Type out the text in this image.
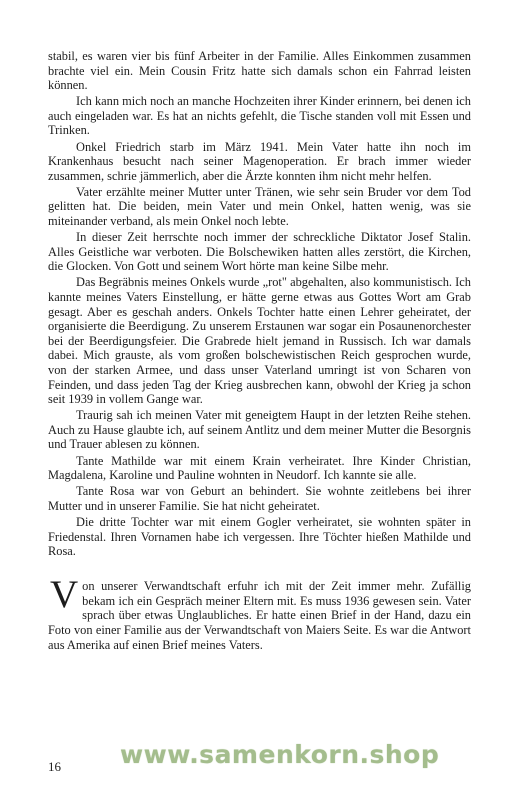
stabil, es waren vier bis fünf Arbeiter in der Familie. Alles Einkommen zusammen brachte viel ein. Mein Cousin Fritz hatte sich damals schon ein Fahrrad leisten können.

Ich kann mich noch an manche Hochzeiten ihrer Kinder erinnern, bei denen ich auch eingeladen war. Es hat an nichts gefehlt, die Tische standen voll mit Essen und Trinken.

Onkel Friedrich starb im März 1941. Mein Vater hatte ihn noch im Krankenhaus besucht nach seiner Magenoperation. Er brach immer wieder zusammen, schrie jämmerlich, aber die Ärzte konnten ihm nicht mehr helfen.

Vater erzählte meiner Mutter unter Tränen, wie sehr sein Bruder vor dem Tod gelitten hat. Die beiden, mein Vater und mein Onkel, hatten wenig, was sie miteinander verband, als mein Onkel noch lebte.

In dieser Zeit herrschte noch immer der schreckliche Diktator Josef Stalin. Alles Geistliche war verboten. Die Bolschewiken hatten alles zerstört, die Kirchen, die Glocken. Von Gott und seinem Wort hörte man keine Silbe mehr.

Das Begräbnis meines Onkels wurde „rot" abgehalten, also kommunistisch. Ich kannte meines Vaters Einstellung, er hätte gerne etwas aus Gottes Wort am Grab gesagt. Aber es geschah anders. Onkels Tochter hatte einen Lehrer geheiratet, der organisierte die Beerdigung. Zu unserem Erstaunen war sogar ein Posaunenorchester bei der Beerdigungsfeier. Die Grabrede hielt jemand in Russisch. Ich war damals dabei. Mich grauste, als vom großen bolschewistischen Reich gesprochen wurde, von der starken Armee, und dass unser Vaterland umringt ist von Scharen von Feinden, und dass jeden Tag der Krieg ausbrechen kann, obwohl der Krieg ja schon seit 1939 in vollem Gange war.

Traurig sah ich meinen Vater mit geneigtem Haupt in der letzten Reihe stehen. Auch zu Hause glaubte ich, auf seinem Antlitz und dem meiner Mutter die Besorgnis und Trauer ablesen zu können.

Tante Mathilde war mit einem Krain verheiratet. Ihre Kinder Christian, Magdalena, Karoline und Pauline wohnten in Neudorf. Ich kannte sie alle.

Tante Rosa war von Geburt an behindert. Sie wohnte zeitlebens bei ihrer Mutter und in unserer Familie. Sie hat nicht geheiratet.

Die dritte Tochter war mit einem Gogler verheiratet, sie wohnten später in Friedenstal. Ihren Vornamen habe ich vergessen. Ihre Töchter hießen Mathilde und Rosa.

Von unserer Verwandtschaft erfuhr ich mit der Zeit immer mehr. Zufällig bekam ich ein Gespräch meiner Eltern mit. Es muss 1936 gewesen sein. Vater sprach über etwas Unglaubliches. Er hatte einen Brief in der Hand, dazu ein Foto von einer Familie aus der Verwandtschaft von Maiers Seite. Es war die Antwort aus Amerika auf einen Brief meines Vaters.

16 www.samenkorn.shop
